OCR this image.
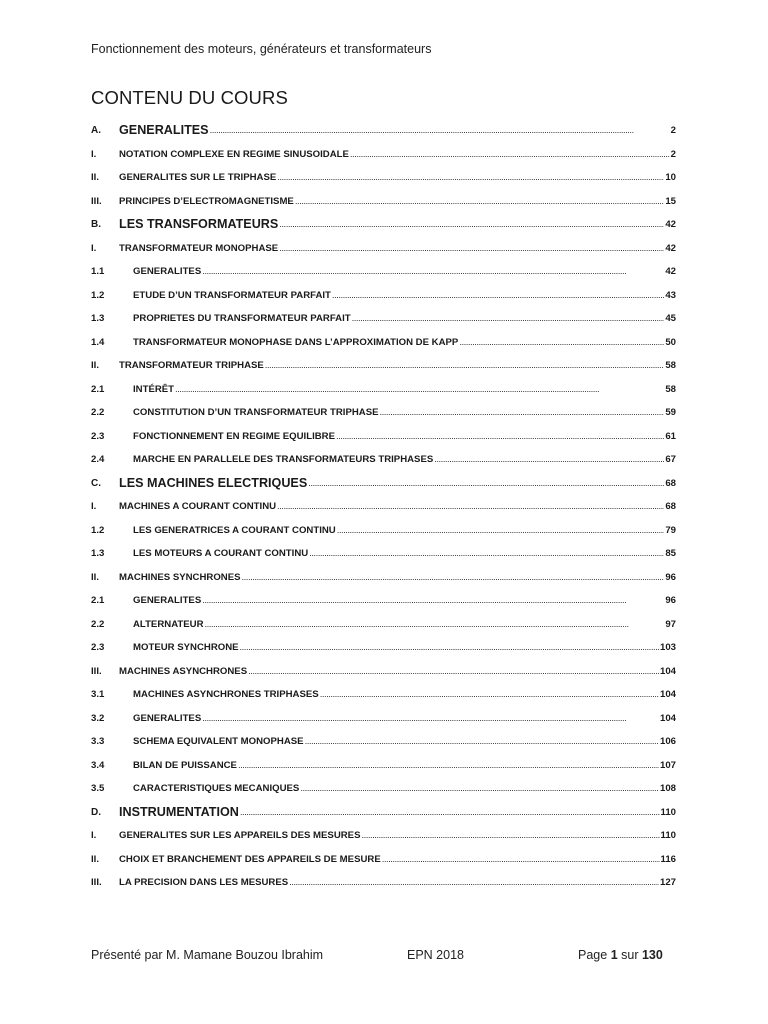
Fonctionnement des moteurs, générateurs et transformateurs
CONTENU DU COURS
A.	GENERALITES . . .	2
I.	NOTATION COMPLEXE EN REGIME SINUSOIDALE . . .	2
II.	GENERALITES SUR LE TRIPHASE . . .	10
III.	PRINCIPES D’ELECTROMAGNETISME . . .	15
B.	LES TRANSFORMATEURS . . .	42
I.	TRANSFORMATEUR MONOPHASE . . .	42
1.1	GENERALITES . . .	42
1.2	ETUDE D’UN TRANSFORMATEUR PARFAIT . . .	43
1.3	PROPRIETES DU TRANSFORMATEUR PARFAIT . . .	45
1.4	TRANSFORMATEUR MONOPHASE DANS L’APPROXIMATION DE KAPP . . .	50
II.	TRANSFORMATEUR TRIPHASE . . .	58
2.1	INTÉRÊT . . .	58
2.2	CONSTITUTION D’UN TRANSFORMATEUR TRIPHASE . . .	59
2.3	FONCTIONNEMENT EN REGIME EQUILIBRE . . .	61
2.4	MARCHE EN PARALLELE DES TRANSFORMATEURS TRIPHASES . . .	67
C.	LES MACHINES ELECTRIQUES . . .	68
I.	MACHINES A COURANT CONTINU . . .	68
1.2	LES GENERATRICES A COURANT CONTINU . . .	79
1.3	LES MOTEURS A COURANT CONTINU . . .	85
II.	MACHINES SYNCHRONES . . .	96
2.1	GENERALITES . . .	96
2.2	ALTERNATEUR . . .	97
2.3	MOTEUR SYNCHRONE . . .	103
III.	MACHINES ASYNCHRONES . . .	104
3.1	MACHINES ASYNCHRONES TRIPHASES . . .	104
3.2	GENERALITES . . .	104
3.3	SCHEMA EQUIVALENT MONOPHASE . . .	106
3.4	BILAN DE PUISSANCE . . .	107
3.5	CARACTERISTIQUES MECANIQUES . . .	108
D.	INSTRUMENTATION . . .	110
I.	GENERALITES SUR LES APPAREILS DES MESURES . . .	110
II.	CHOIX ET BRANCHEMENT DES APPAREILS DE MESURE . . .	116
III.	LA PRECISION DANS LES MESURES . . .	127
Présenté par M. Mamane Bouzou Ibrahim	EPN 2018	Page 1 sur 130
